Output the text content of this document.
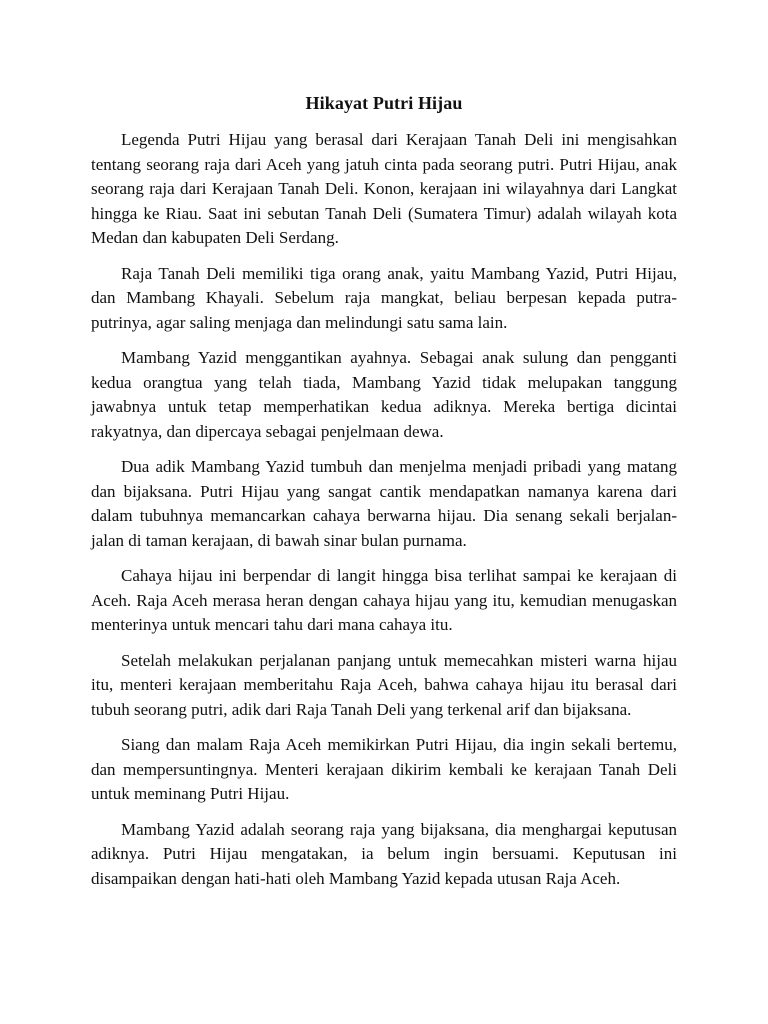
Hikayat Putri Hijau

Legenda Putri Hijau yang berasal dari Kerajaan Tanah Deli ini mengisahkan tentang seorang raja dari Aceh yang jatuh cinta pada seorang putri. Putri Hijau, anak seorang raja dari Kerajaan Tanah Deli. Konon, kerajaan ini wilayahnya dari Langkat hingga ke Riau. Saat ini sebutan Tanah Deli (Sumatera Timur) adalah wilayah kota Medan dan kabupaten Deli Serdang.

Raja Tanah Deli memiliki tiga orang anak, yaitu Mambang Yazid, Putri Hijau, dan Mambang Khayali. Sebelum raja mangkat, beliau berpesan kepada putra-putrinya, agar saling menjaga dan melindungi satu sama lain.

Mambang Yazid menggantikan ayahnya. Sebagai anak sulung dan pengganti kedua orangtua yang telah tiada, Mambang Yazid tidak melupakan tanggung jawabnya untuk tetap memperhatikan kedua adiknya. Mereka bertiga dicintai rakyatnya, dan dipercaya sebagai penjelmaan dewa.

Dua adik Mambang Yazid tumbuh dan menjelma menjadi pribadi yang matang dan bijaksana. Putri Hijau yang sangat cantik mendapatkan namanya karena dari dalam tubuhnya memancarkan cahaya berwarna hijau. Dia senang sekali berjalan-jalan di taman kerajaan, di bawah sinar bulan purnama.

Cahaya hijau ini berpendar di langit hingga bisa terlihat sampai ke kerajaan di Aceh. Raja Aceh merasa heran dengan cahaya hijau yang itu, kemudian menugaskan menterinya untuk mencari tahu dari mana cahaya itu.

Setelah melakukan perjalanan panjang untuk memecahkan misteri warna hijau itu, menteri kerajaan memberitahu Raja Aceh, bahwa cahaya hijau itu berasal dari tubuh seorang putri, adik dari Raja Tanah Deli yang terkenal arif dan bijaksana.

Siang dan malam Raja Aceh memikirkan Putri Hijau, dia ingin sekali bertemu, dan mempersuntingnya. Menteri kerajaan dikirim kembali ke kerajaan Tanah Deli untuk meminang Putri Hijau.

Mambang Yazid adalah seorang raja yang bijaksana, dia menghargai keputusan adiknya. Putri Hijau mengatakan, ia belum ingin bersuami. Keputusan ini disampaikan dengan hati-hati oleh Mambang Yazid kepada utusan Raja Aceh.
